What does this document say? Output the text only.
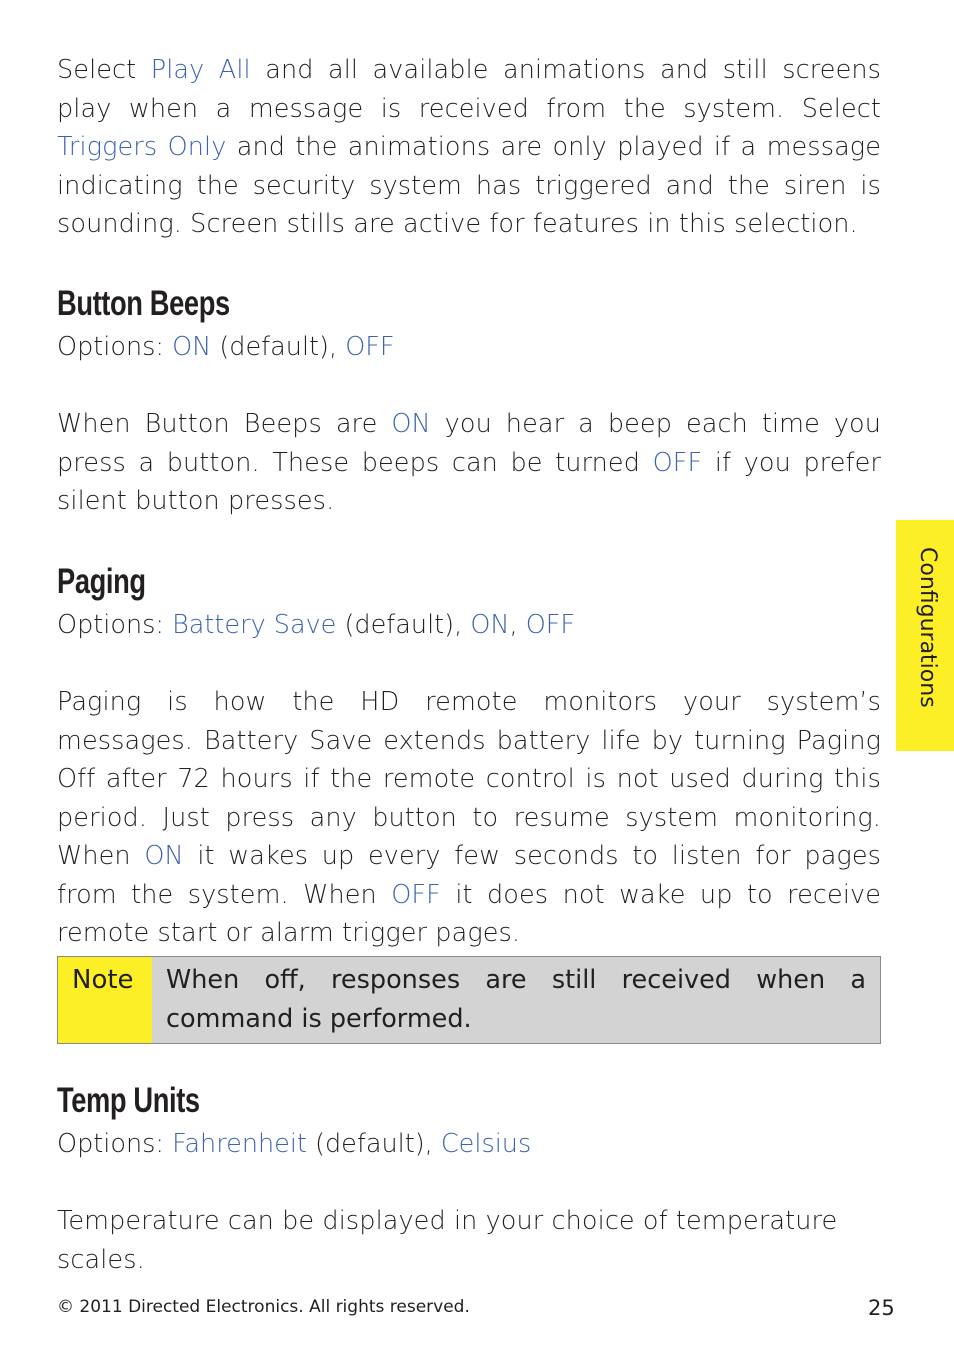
Select Play All and all available animations and still screens play when a message is received from the system. Select Triggers Only and the animations are only played if a message indicating the security system has triggered and the siren is sounding. Screen stills are active for features in this selection.
Button Beeps
Options: ON (default), OFF
When Button Beeps are ON you hear a beep each time you press a button. These beeps can be turned OFF if you prefer silent button presses.
Paging
Options: Battery Save (default), ON, OFF
Paging is how the HD remote monitors your system’s messages. Battery Save extends battery life by turning Paging Off after 72 hours if the remote control is not used during this period. Just press any button to resume system monitoring. When ON it wakes up every few seconds to listen for pages from the system. When OFF it does not wake up to receive remote start or alarm trigger pages.
Note When off, responses are still received when a command is performed.
Temp Units
Options: Fahrenheit (default), Celsius
Temperature can be displayed in your choice of temperature scales.
Configurations
© 2011 Directed Electronics. All rights reserved.	25
